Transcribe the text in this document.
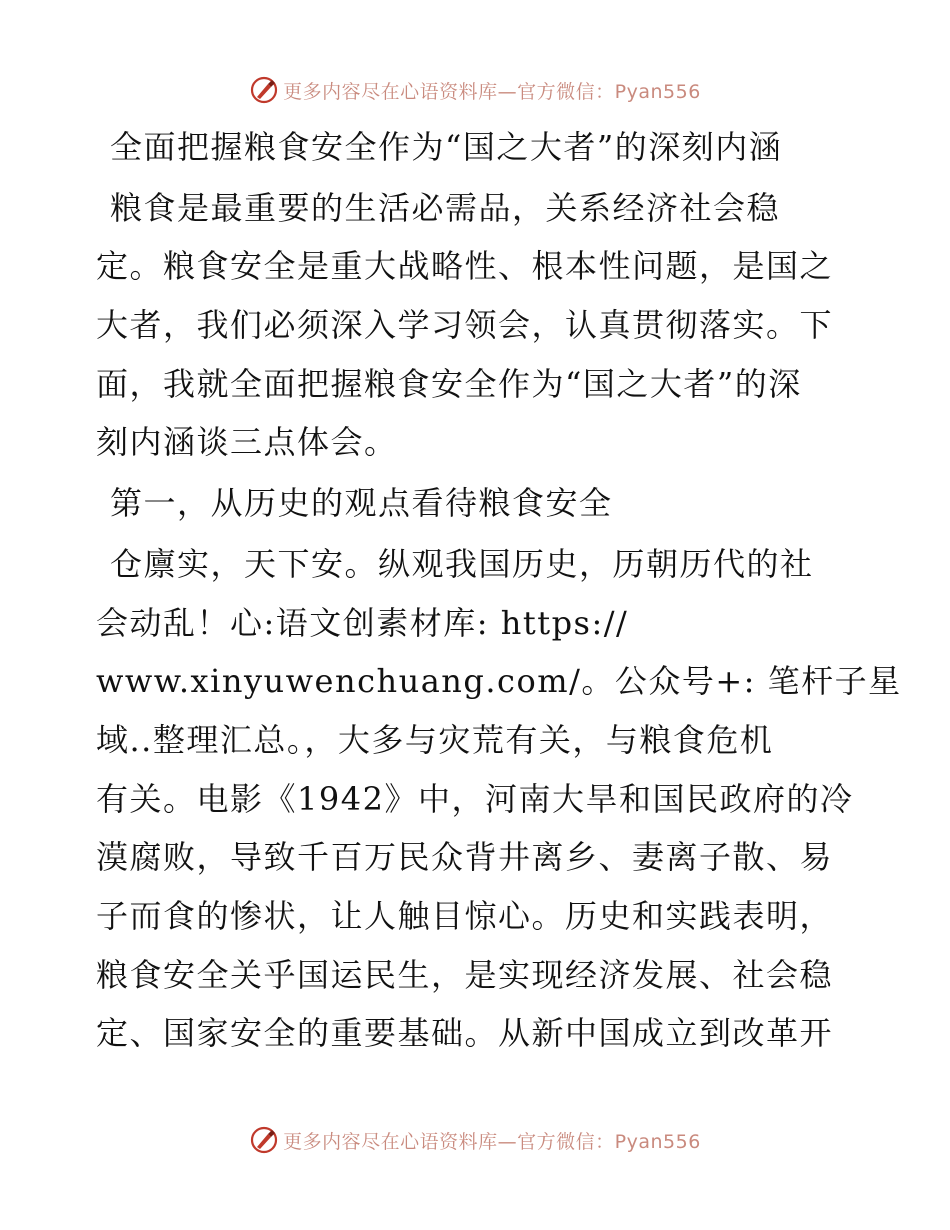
更多内容尽在心语资料库—官方微信：Pyan556
全面把握粮食安全作为“国之大者”的深刻内涵
粮食是最重要的生活必需品，关系经济社会稳
定。粮食安全是重大战略性、根本性问题，是国之
大者，我们必须深入学习领会，认真贯彻落实。下
面，我就全面把握粮食安全作为“国之大者”的深
刻内涵谈三点体会。
第一，从历史的观点看待粮食安全
仓廪实，天下安。纵观我国历史，历朝历代的社
会动乱！心:语文创素材库: https://
www.xinyuwenchuang.com/。公众号+: 笔杆子星
域..整理汇总。，大多与灾荒有关，与粮食危机
有关。电影《1942》中，河南大旱和国民政府的冷
漠腐败，导致千百万民众背井离乡、妻离子散、易
子而食的惨状，让人触目惊心。历史和实践表明，
粮食安全关乎国运民生，是实现经济发展、社会稳
定、国家安全的重要基础。从新中国成立到改革开
更多内容尽在心语资料库—官方微信：Pyan556
